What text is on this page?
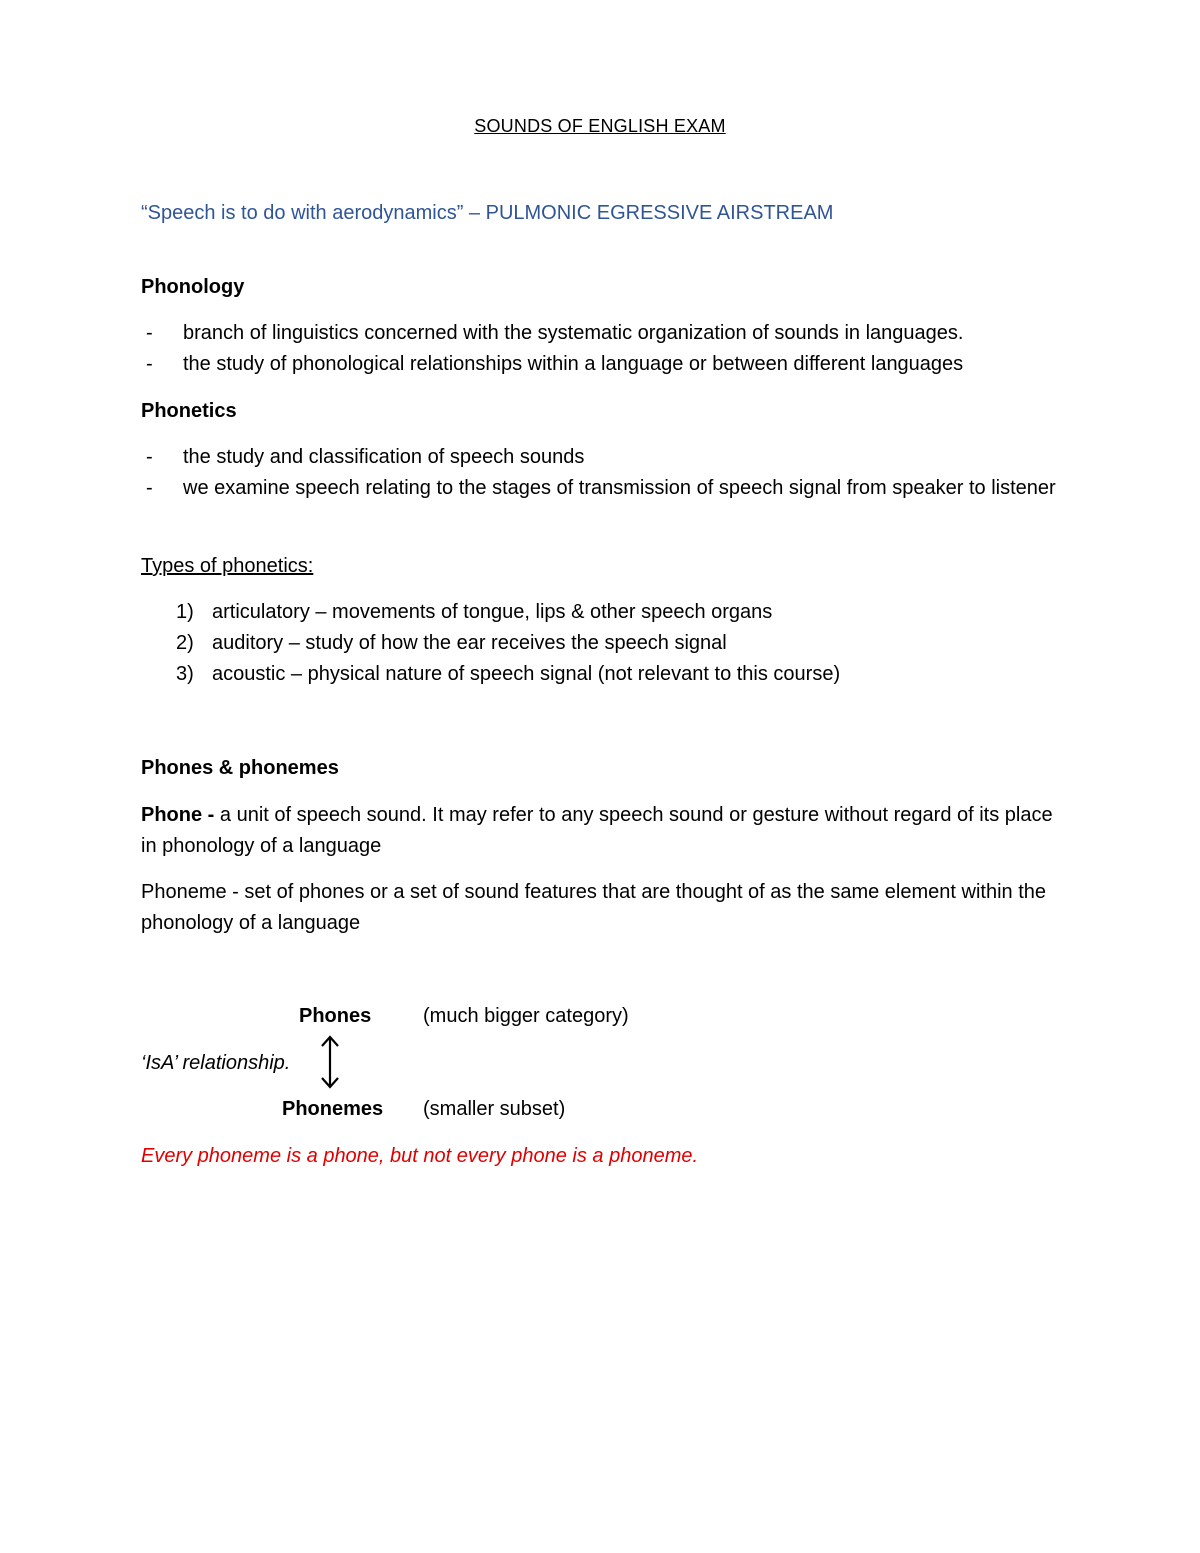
SOUNDS OF ENGLISH EXAM
“Speech is to do with aerodynamics” – PULMONIC EGRESSIVE AIRSTREAM
Phonology
- branch of linguistics concerned with the systematic organization of sounds in languages.
- the study of phonological relationships within a language or between different languages
Phonetics
- the study and classification of speech sounds
- we examine speech relating to the stages of transmission of speech signal from speaker to listener
Types of phonetics:
1) articulatory – movements of tongue, lips & other speech organs
2) auditory – study of how the ear receives the speech signal
3) acoustic – physical nature of speech signal (not relevant to this course)
Phones & phonemes
Phone - a unit of speech sound. It may refer to any speech sound or gesture without regard of its place in phonology of a language
Phoneme - set of phones or a set of sound features that are thought of as the same element within the phonology of a language
Phones	(much bigger category)
‘IsA’ relationship.
Phonemes (smaller subset)
Every phoneme is a phone, but not every phone is a phoneme.
